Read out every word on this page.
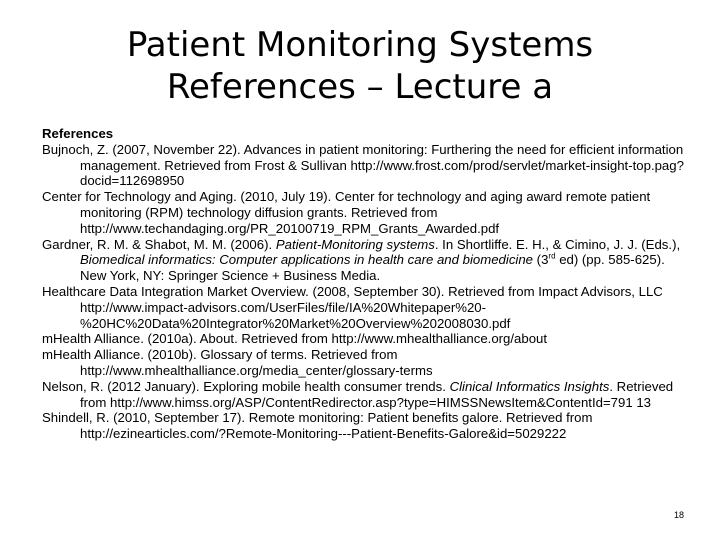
Patient Monitoring Systems
References – Lecture a
References
Bujnoch, Z. (2007, November 22). Advances in patient monitoring: Furthering the need for efficient information management. Retrieved from Frost & Sullivan http://www.frost.com/prod/servlet/market-insight-top.pag?docid=112698950
Center for Technology and Aging. (2010, July 19). Center for technology and aging award remote patient monitoring (RPM) technology diffusion grants. Retrieved from http://www.techandaging.org/PR_20100719_RPM_Grants_Awarded.pdf
Gardner, R. M. & Shabot, M. M. (2006). Patient-Monitoring systems. In Shortliffe. E. H., & Cimino, J. J. (Eds.), Biomedical informatics: Computer applications in health care and biomedicine (3rd ed) (pp. 585-625). New York, NY: Springer Science + Business Media.
Healthcare Data Integration Market Overview. (2008, September 30). Retrieved from Impact Advisors, LLC http://www.impact-advisors.com/UserFiles/file/IA%20Whitepaper%20-%20HC%20Data%20Integrator%20Market%20Overview%202008030.pdf
mHealth Alliance. (2010a). About. Retrieved from http://www.mhealthalliance.org/about
mHealth Alliance. (2010b). Glossary of terms. Retrieved from http://www.mhealthalliance.org/media_center/glossary-terms
Nelson, R. (2012 January). Exploring mobile health consumer trends. Clinical Informatics Insights. Retrieved from http://www.himss.org/ASP/ContentRedirector.asp?type=HIMSSNewsItem&ContentId=791 13
Shindell, R. (2010, September 17). Remote monitoring: Patient benefits galore. Retrieved from http://ezinearticles.com/?Remote-Monitoring---Patient-Benefits-Galore&id=5029222
18
